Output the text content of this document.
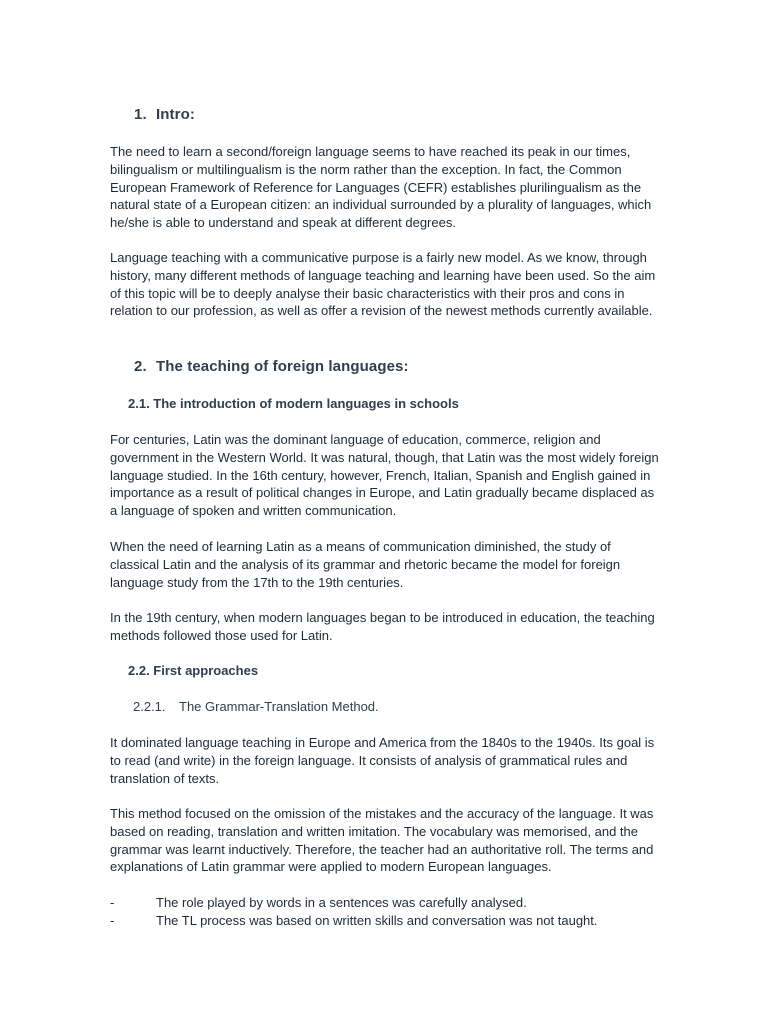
1. Intro:

The need to learn a second/foreign language seems to have reached its peak in our times, bilingualism or multilingualism is the norm rather than the exception. In fact, the Common European Framework of Reference for Languages (CEFR) establishes plurilingualism as the natural state of a European citizen: an individual surrounded by a plurality of languages, which he/she is able to understand and speak at different degrees.

Language teaching with a communicative purpose is a fairly new model. As we know, through history, many different methods of language teaching and learning have been used. So the aim of this topic will be to deeply analyse their basic characteristics with their pros and cons in relation to our profession, as well as offer a revision of the newest methods currently available.

2. The teaching of foreign languages:
2.1. The introduction of modern languages in schools

For centuries, Latin was the dominant language of education, commerce, religion and government in the Western World. It was natural, though, that Latin was the most widely foreign language studied. In the 16th century, however, French, Italian, Spanish and English gained in importance as a result of political changes in Europe, and Latin gradually became displaced as a language of spoken and written communication.

When the need of learning Latin as a means of communication diminished, the study of classical Latin and the analysis of its grammar and rhetoric became the model for foreign language study from the 17th to the 19th centuries.

In the 19th century, when modern languages began to be introduced in education, the teaching methods followed those used for Latin.

2.2. First approaches
2.2.1. The Grammar-Translation Method.

It dominated language teaching in Europe and America from the 1840s to the 1940s. Its goal is to read (and write) in the foreign language. It consists of analysis of grammatical rules and translation of texts.

This method focused on the omission of the mistakes and the accuracy of the language. It was based on reading, translation and written imitation. The vocabulary was memorised, and the grammar was learnt inductively. Therefore, the teacher had an authoritative roll. The terms and explanations of Latin grammar were applied to modern European languages.

-	The role played by words in a sentences was carefully analysed.
-	The TL process was based on written skills and conversation was not taught.
